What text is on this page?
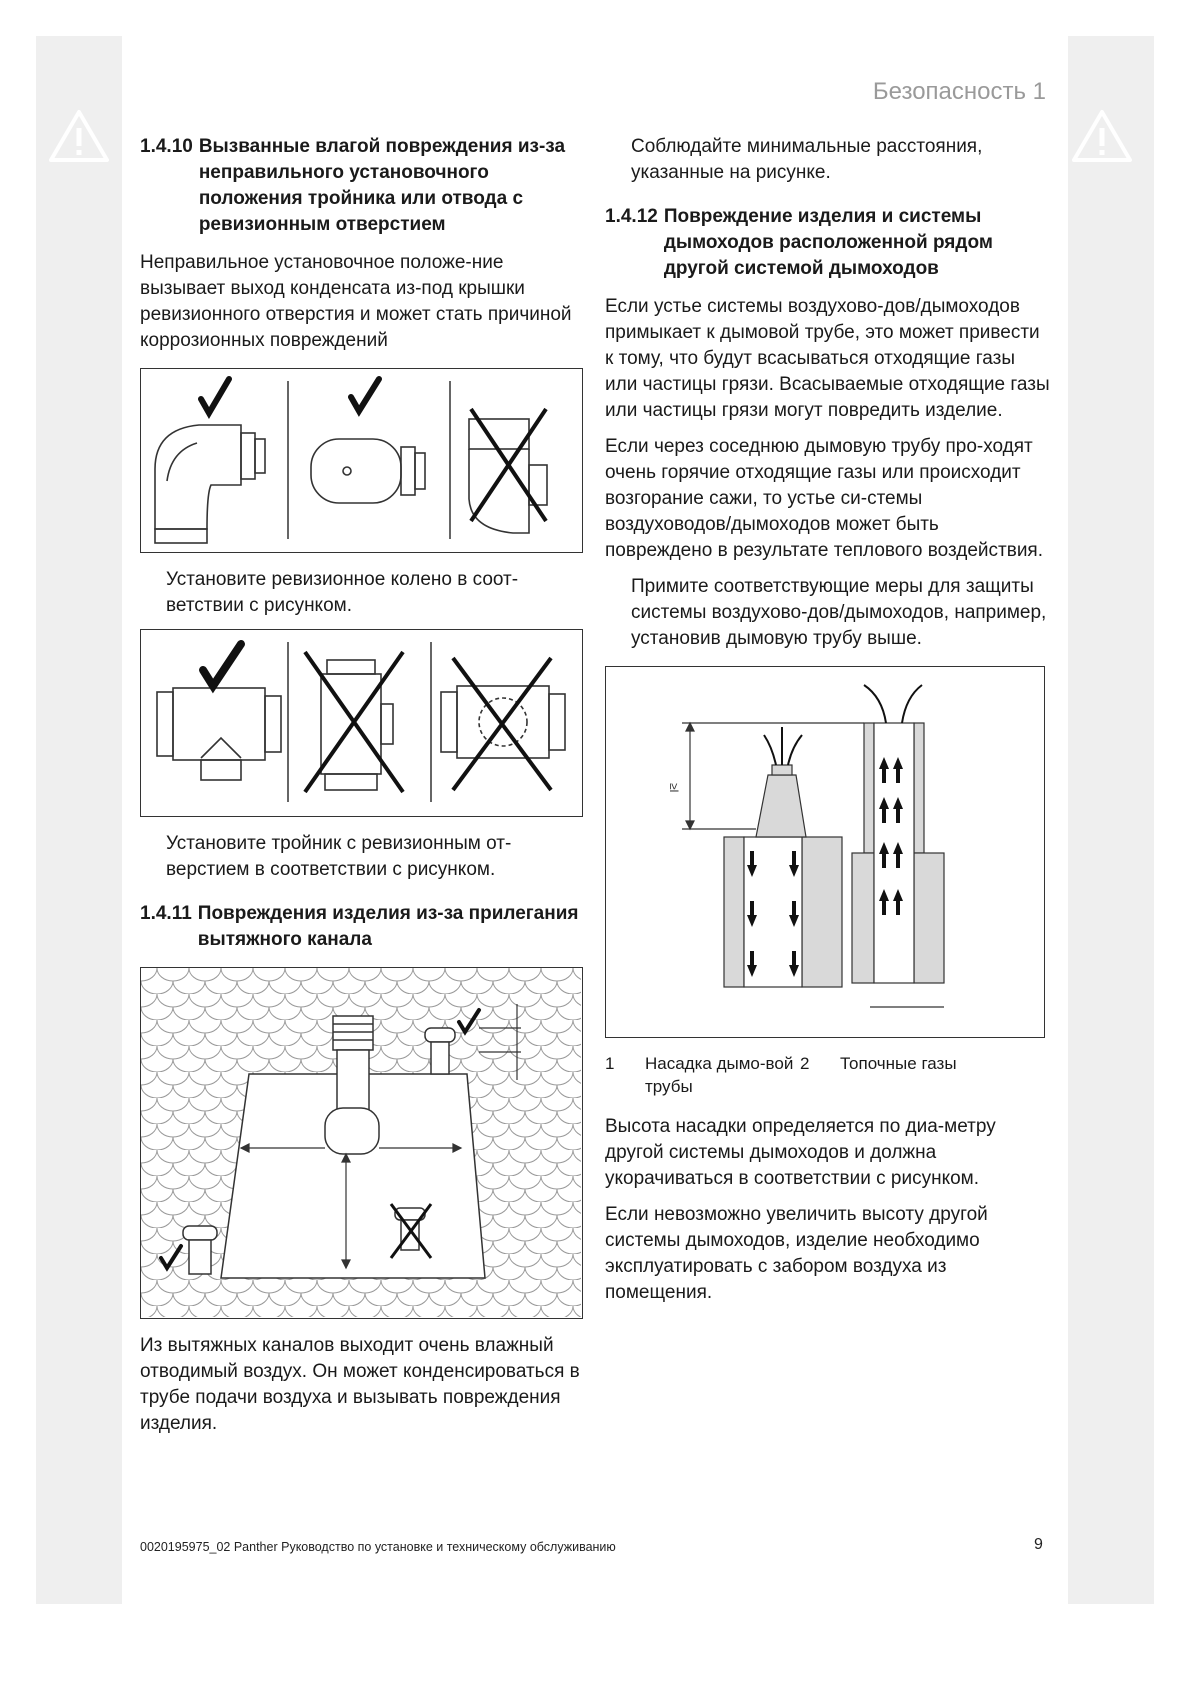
Безопасность 1
1.4.10 Вызванные влагой повреждения из-за неправильного установочного положения тройника или отвода с ревизионным отверстием
Неправильное установочное положе-ние вызывает выход конденсата из-под крышки ревизионного отверстия и может стать причиной коррозионных повреждений
Установите ревизионное колено в соот-ветствии с рисунком.
Установите тройник с ревизионным от-верстием в соответствии с рисунком.
1.4.11 Повреждения изделия из-за прилегания вытяжного канала
Из вытяжных каналов выходит очень влажный отводимый воздух. Он может конденсироваться в трубе подачи воздуха и вызывать повреждения изделия.
Соблюдайте минимальные расстояния, указанные на рисунке.
1.4.12 Повреждение изделия и системы дымоходов расположенной рядом другой системой дымоходов
Если устье системы воздухово-дов/дымоходов примыкает к дымовой трубе, это может привести к тому, что будут всасываться отходящие газы или частицы грязи. Всасываемые отходящие газы или частицы грязи могут повредить изделие.
Если через соседнюю дымовую трубу про-ходят очень горячие отходящие газы или происходит возгорание сажи, то устье си-стемы воздуховодов/дымоходов может быть повреждено в результате теплового воздействия.
Примите соответствующие меры для защиты системы воздухово-дов/дымоходов, например, установив дымовую трубу выше.
≥l
1	Насадка дымо-вой трубы
2	Топочные газы
Высота насадки определяется по диа-метру другой системы дымоходов и должна укорачиваться в соответствии с рисунком.
Если невозможно увеличить высоту другой системы дымоходов, изделие необходимо эксплуатировать с забором воздуха из помещения.
0020195975_02 Panther Руководство по установке и техническому обслуживанию	9
